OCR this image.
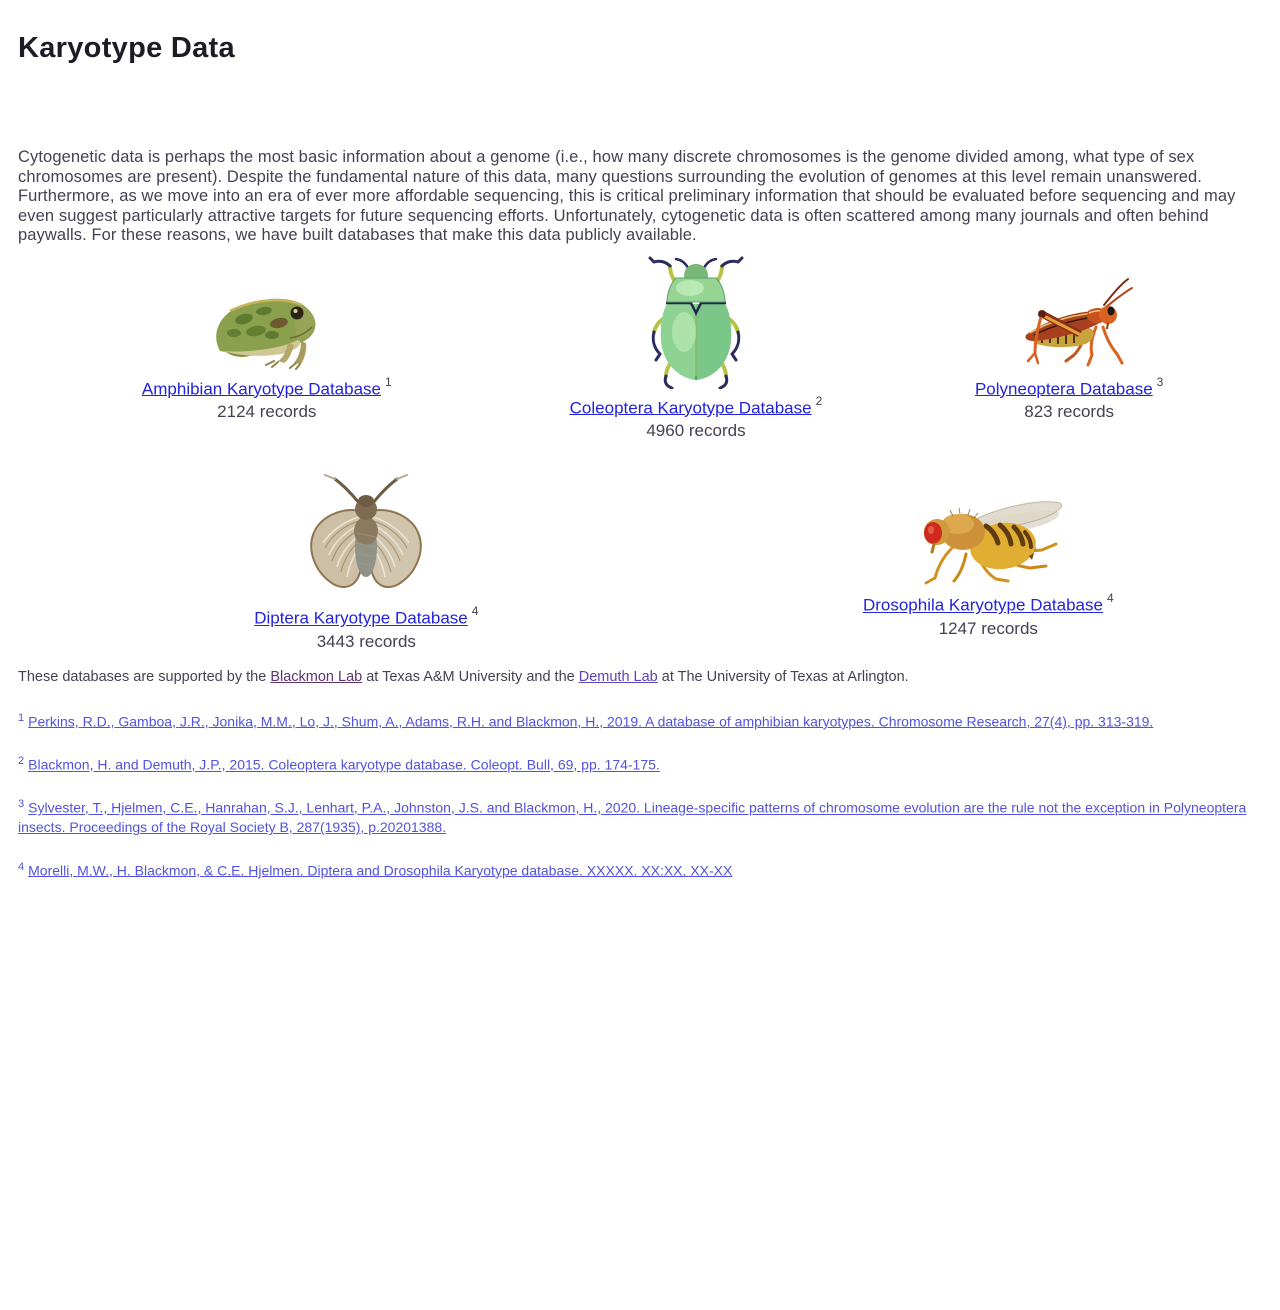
Karyotype Data

Cytogenetic data is perhaps the most basic information about a genome (i.e., how many discrete chromosomes is the genome divided among, what type of sex chromosomes are present). Despite the fundamental nature of this data, many questions surrounding the evolution of genomes at this level remain unanswered. Furthermore, as we move into an era of ever more affordable sequencing, this is critical preliminary information that should be evaluated before sequencing and may even suggest particularly attractive targets for future sequencing efforts. Unfortunately, cytogenetic data is often scattered among many journals and often behind paywalls. For these reasons, we have built databases that make this data publicly available.

Amphibian Karyotype Database $^1$
2124 records	Coleoptera Karyotype Database $^2$
4960 records
Polyneoptera Database $^3$
823 records
Diptera Karyotype Database $^4$
3443 records
Drosophila Karyotype Database $^4$
1247 records

These databases are supported by the Blackmon Lab at Texas A&M University and the Demuth Lab at The University of Texas at Arlington.

$^1$ Perkins, R.D., Gamboa, J.R., Jonika, M.M., Lo, J., Shum, A., Adams, R.H. and Blackmon, H., 2019. A database of amphibian karyotypes. Chromosome Research, 27(4), pp. 313-319.

$^2$ Blackmon, H. and Demuth, J.P., 2015. Coleoptera karyotype database. Coleopt. Bull, 69, pp. 174-175.

$^3$ Sylvester, T., Hjelmen, C.E., Hanrahan, S.J., Lenhart, P.A., Johnston, J.S. and Blackmon, H., 2020. Lineage-specific patterns of chromosome evolution are the rule not the exception in Polyneoptera insects. Proceedings of the Royal Society B, 287(1935), p.20201388.

$^4$ Morelli, M.W., H. Blackmon, & C.E. Hjelmen. Diptera and Drosophila Karyotype database. XXXXX. XX:XX. XX-XX
